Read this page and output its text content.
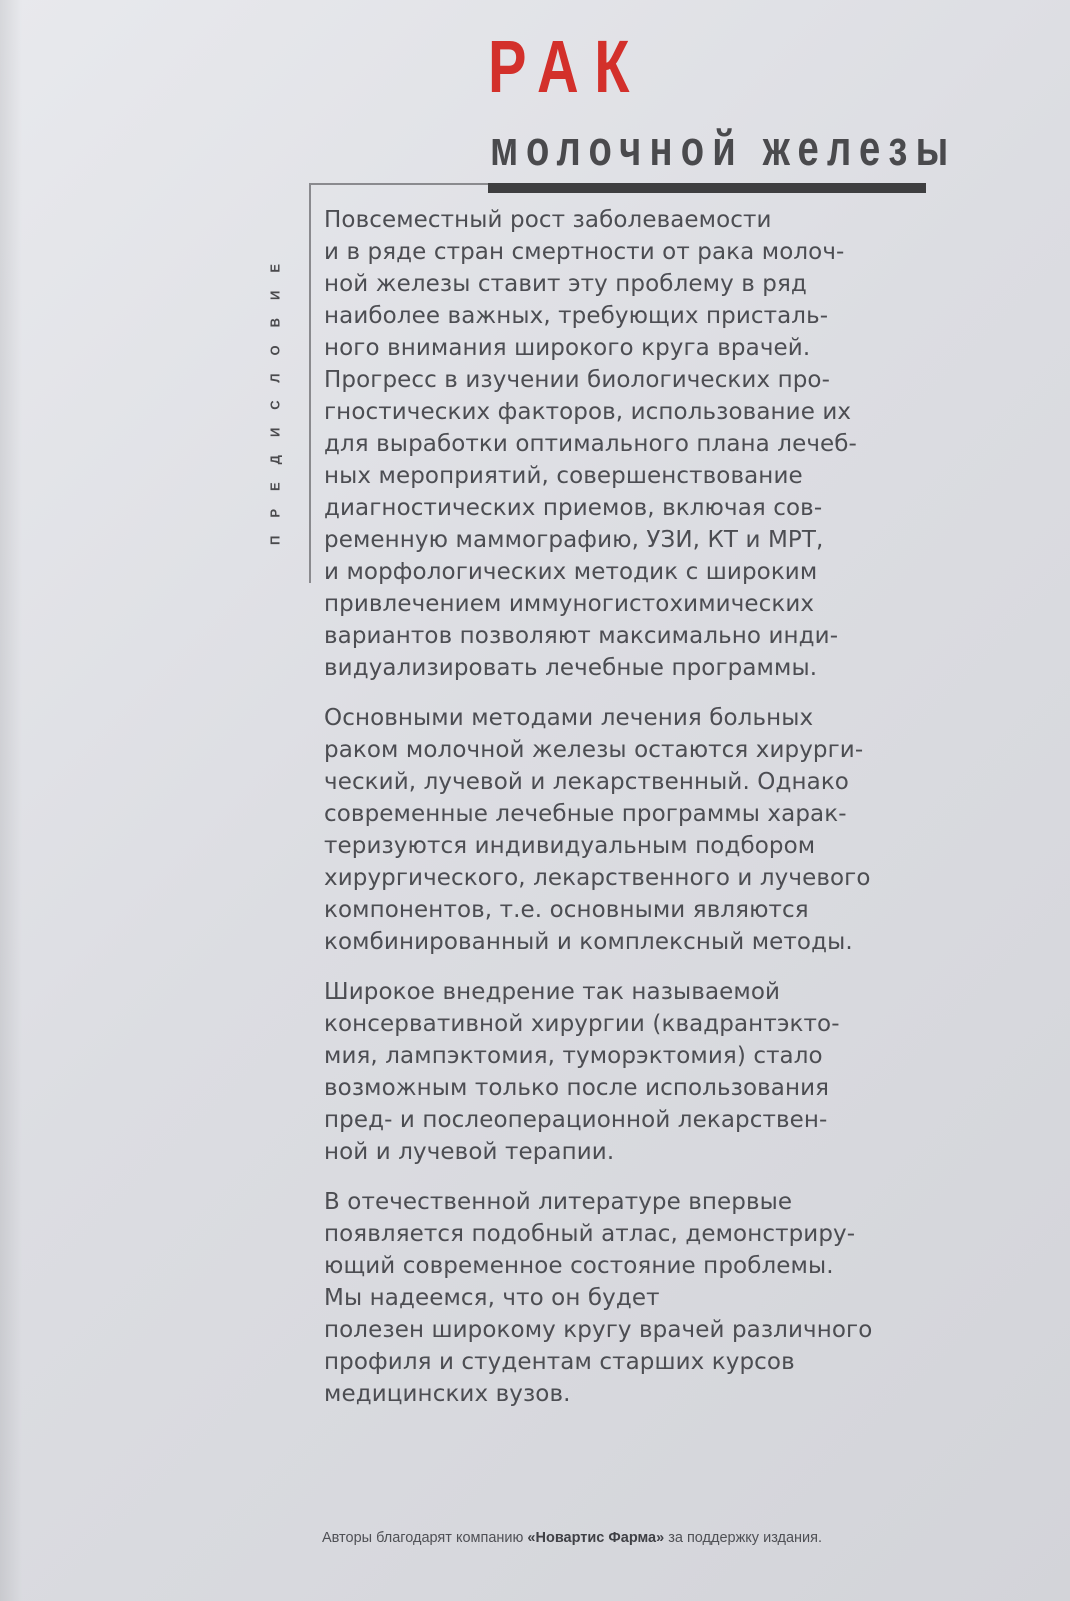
РАК
молочной железы
ПРЕДИСЛОВИЕ
Повсеместный рост заболеваемости
и в ряде стран смертности от рака молоч-
ной железы ставит эту проблему в ряд
наиболее важных, требующих присталь-
ного внимания широкого круга врачей.
Прогресс в изучении биологических про-
гностических факторов, использование их
для выработки оптимального плана лечеб-
ных мероприятий, совершенствование
диагностических приемов, включая сов-
ременную маммографию, УЗИ, КТ и МРТ,
и морфологических методик с широким
привлечением иммуногистохимических
вариантов позволяют максимально инди-
видуализировать лечебные программы.
Основными методами лечения больных
раком молочной железы остаются хирурги-
ческий, лучевой и лекарственный. Однако
современные лечебные программы харак-
теризуются индивидуальным подбором
хирургического, лекарственного и лучевого
компонентов, т.е. основными являются
комбинированный и комплексный методы.
Широкое внедрение так называемой
консервативной хирургии (квадрантэкто-
мия, лампэктомия, туморэктомия) стало
возможным только после использования
пред- и послеоперационной лекарствен-
ной и лучевой терапии.
В отечественной литературе впервые
появляется подобный атлас, демонстриру-
ющий современное состояние проблемы.
Мы надеемся, что он будет
полезен широкому кругу врачей различного
профиля и студентам старших курсов
медицинских вузов.
Авторы благодарят компанию «Новартис Фарма» за поддержку издания.
